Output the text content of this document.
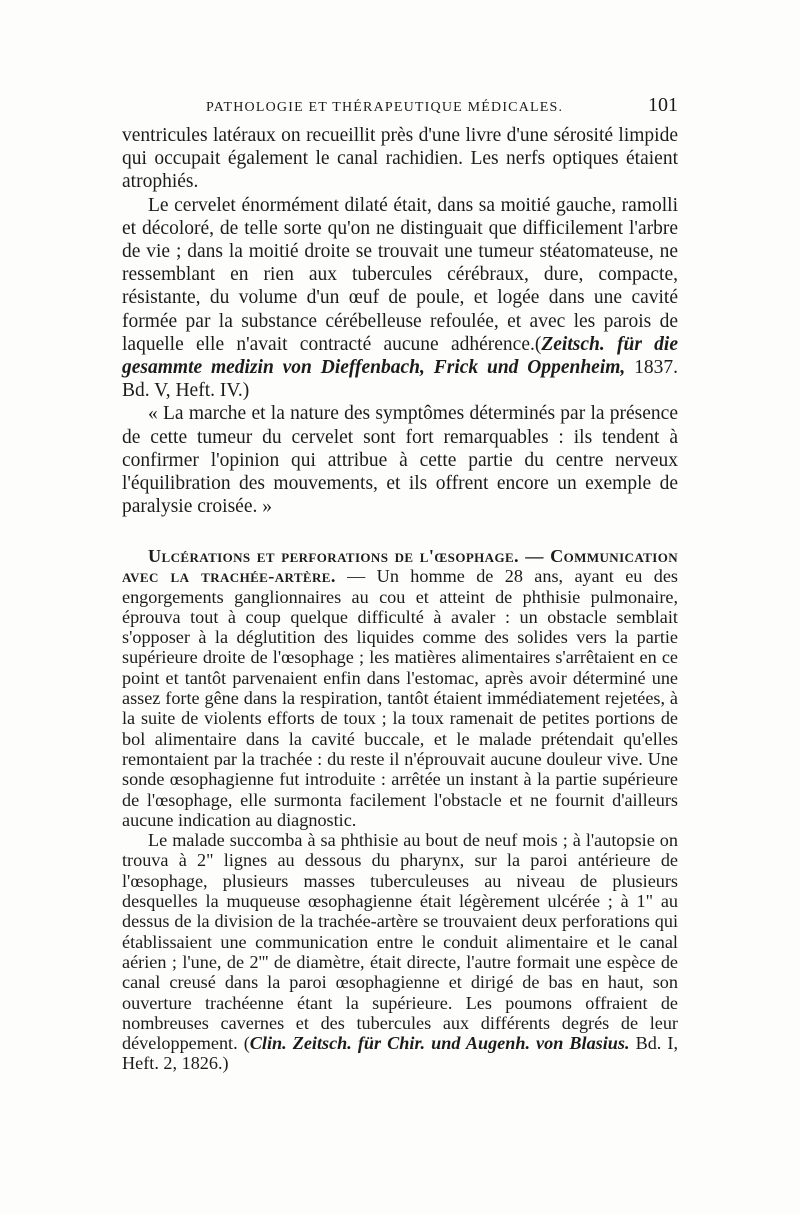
PATHOLOGIE ET THÉRAPEUTIQUE MÉDICALES.	101

ventricules latéraux on recueillit près d'une livre d'une sérosité limpide qui occupait également le canal rachidien. Les nerfs optiques étaient atrophiés.

Le cervelet énormément dilaté était, dans sa moitié gauche, ramolli et décoloré, de telle sorte qu'on ne distinguait que difficilement l'arbre de vie ; dans la moitié droite se trouvait une tumeur stéatomateuse, ne ressemblant en rien aux tubercules cérébraux, dure, compacte, résistante, du volume d'un œuf de poule, et logée dans une cavité formée par la substance cérébelleuse refoulée, et avec les parois de laquelle elle n'avait contracté aucune adhérence.(Zeitsch. für die gesammte medizin von Dieffenbach, Frick und Oppenheim, 1837. Bd. V, Heft. IV.)

« La marche et la nature des symptômes déterminés par la présence de cette tumeur du cervelet sont fort remarquables : ils tendent à confirmer l'opinion qui attribue à cette partie du centre nerveux l'équilibration des mouvements, et ils offrent encore un exemple de paralysie croisée. »

Ulcérations et perforations de l'œsophage. — Communication avec la trachée-artère. — Un homme de 28 ans, ayant eu des engorgements ganglionnaires au cou et atteint de phthisie pulmonaire, éprouva tout à coup quelque difficulté à avaler : un obstacle semblait s'opposer à la déglutition des liquides comme des solides vers la partie supérieure droite de l'œsophage ; les matières alimentaires s'arrêtaient en ce point et tantôt parvenaient enfin dans l'estomac, après avoir déterminé une assez forte gêne dans la respiration, tantôt étaient immédiatement rejetées, à la suite de violents efforts de toux ; la toux ramenait de petites portions de bol alimentaire dans la cavité buccale, et le malade prétendait qu'elles remontaient par la trachée : du reste il n'éprouvait aucune douleur vive. Une sonde œsophagienne fut introduite : arrêtée un instant à la partie supérieure de l'œsophage, elle surmonta facilement l'obstacle et ne fournit d'ailleurs aucune indication au diagnostic.

Le malade succomba à sa phthisie au bout de neuf mois ; à l'autopsie on trouva à 2" lignes au dessous du pharynx, sur la paroi antérieure de l'œsophage, plusieurs masses tuberculeuses au niveau de plusieurs desquelles la muqueuse œsophagienne était légèrement ulcérée ; à 1" au dessus de la division de la trachée-artère se trouvaient deux perforations qui établissaient une communication entre le conduit alimentaire et le canal aérien ; l'une, de 2''' de diamètre, était directe, l'autre formait une espèce de canal creusé dans la paroi œsophagienne et dirigé de bas en haut, son ouverture trachéenne étant la supérieure. Les poumons offraient de nombreuses cavernes et des tubercules aux différents degrés de leur développement. (Clin. Zeitsch. für Chir. und Augenh. von Blasius. Bd. I, Heft. 2, 1826.)
